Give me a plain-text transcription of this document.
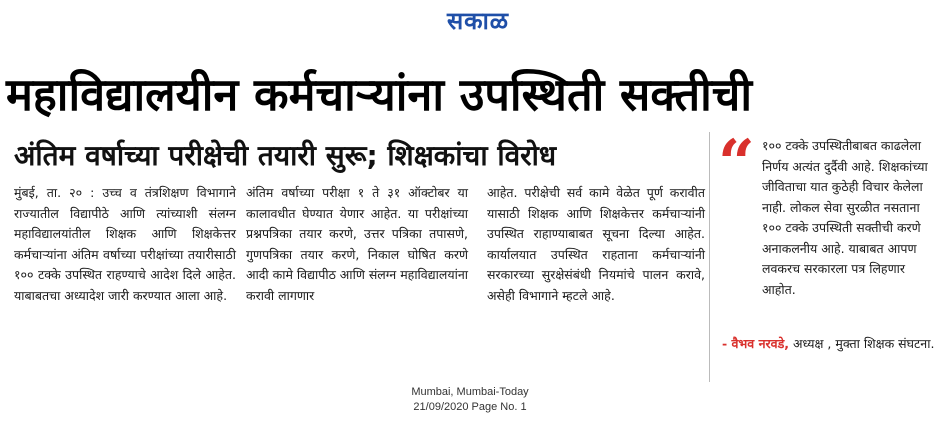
सकाळ
महाविद्यालयीन कर्मचाऱ्यांना उपस्थिती सक्तीची
अंतिम वर्षाच्या परीक्षेची तयारी सुरू; शिक्षकांचा विरोध
मुंबई, ता. २० : उच्च व तंत्रशिक्षण विभागाने राज्यातील विद्यापीठे आणि त्यांच्याशी संलग्न महाविद्यालयांतील शिक्षक आणि शिक्षकेत्तर कर्मचाऱ्यांना अंतिम वर्षाच्या परीक्षांच्या तयारीसाठी १०० टक्के उपस्थित राहण्याचे आदेश दिले आहेत. याबाबतचा अध्यादेश जारी करण्यात आला आहे.
अंतिम वर्षाच्या परीक्षा १ ते ३१ ऑक्टोबर या कालावधीत घेण्यात येणार आहेत. या परीक्षांच्या प्रश्नपत्रिका तयार करणे, उत्तर पत्रिका तपासणे, गुणपत्रिका तयार करणे, निकाल घोषित करणे आदी कामे विद्यापीठ आणि संलग्न महाविद्यालयांना करावी लागणार
आहेत. परीक्षेची सर्व कामे वेळेत पूर्ण करावीत यासाठी शिक्षक आणि शिक्षकेत्तर कर्मचाऱ्यांनी उपस्थित राहाण्याबाबत सूचना दिल्या आहेत. कार्यालयात उपस्थित राहताना कर्मचाऱ्यांनी सरकारच्या सुरक्षेसंबंधी नियमांचे पालन करावे, असेही विभागाने म्हटले आहे.
“ १०० टक्के उपस्थितीबाबत काढलेला निर्णय अत्यंत दुर्दैवी आहे. शिक्षकांच्या जीविताचा यात कुठेही विचार केलेला नाही. लोकल सेवा सुरळीत नसताना १०० टक्के उपस्थिती सक्तीची करणे अनाकलनीय आहे. याबाबत आपण लवकरच सरकारला पत्र लिहणार आहोत.
- वैभव नरवडे, अध्यक्ष , मुक्ता शिक्षक संघटना.
Mumbai, Mumbai-Today
21/09/2020 Page No. 1
